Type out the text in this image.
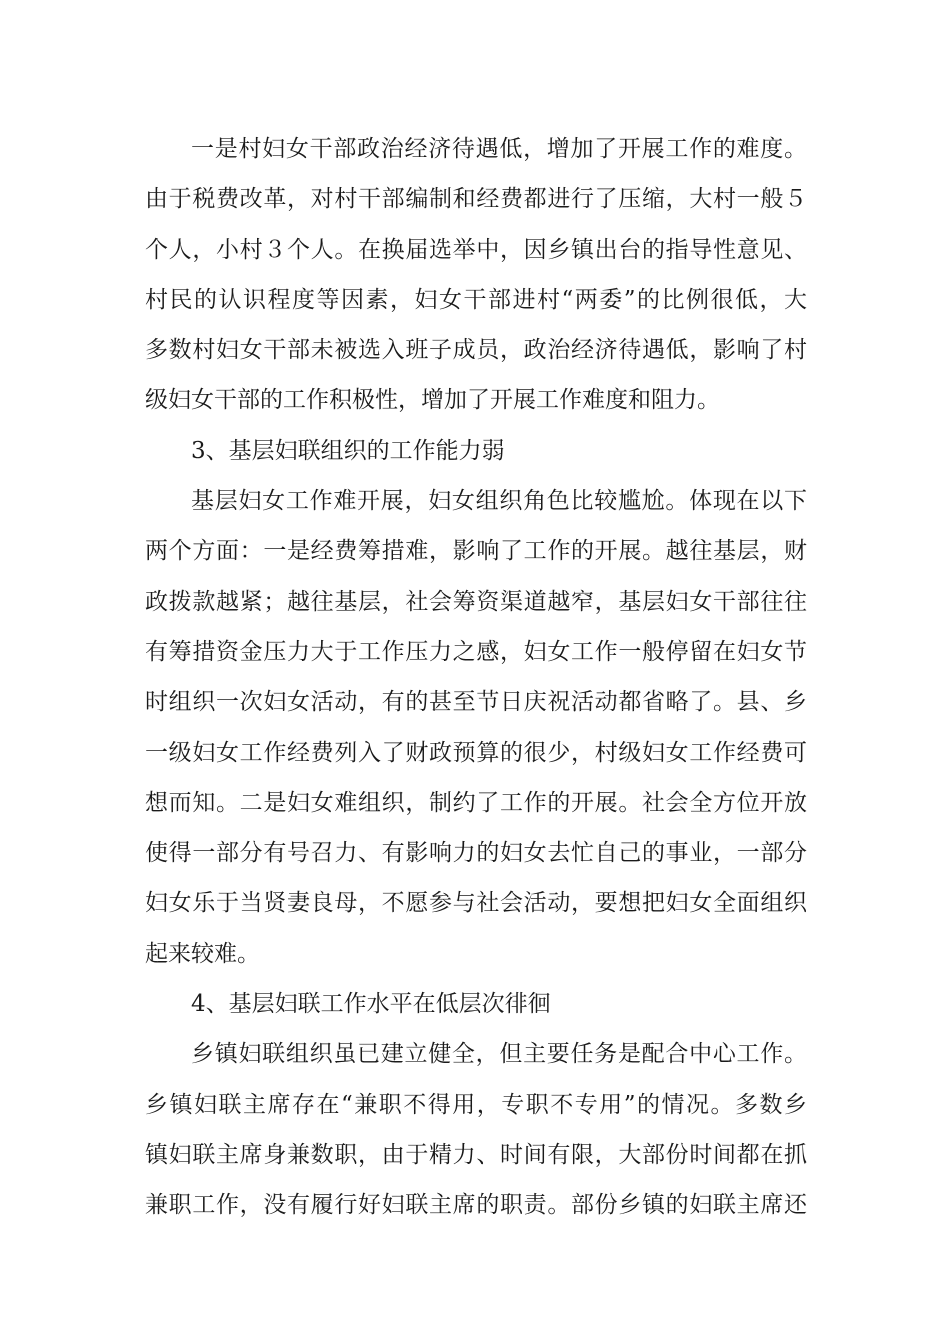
一是村妇女干部政治经济待遇低，增加了开展工作的难度。
由于税费改革，对村干部编制和经费都进行了压缩，大村一般５
个人，小村３个人。在换届选举中，因乡镇出台的指导性意见、
村民的认识程度等因素，妇女干部进村“两委”的比例很低，大
多数村妇女干部未被选入班子成员，政治经济待遇低，影响了村
级妇女干部的工作积极性，增加了开展工作难度和阻力。
3、基层妇联组织的工作能力弱
基层妇女工作难开展，妇女组织角色比较尴尬。体现在以下
两个方面：一是经费筹措难，影响了工作的开展。越往基层，财
政拨款越紧；越往基层，社会筹资渠道越窄，基层妇女干部往往
有筹措资金压力大于工作压力之感，妇女工作一般停留在妇女节
时组织一次妇女活动，有的甚至节日庆祝活动都省略了。县、乡
一级妇女工作经费列入了财政预算的很少，村级妇女工作经费可
想而知。二是妇女难组织，制约了工作的开展。社会全方位开放
使得一部分有号召力、有影响力的妇女去忙自己的事业，一部分
妇女乐于当贤妻良母，不愿参与社会活动，要想把妇女全面组织
起来较难。
4、基层妇联工作水平在低层次徘徊
乡镇妇联组织虽已建立健全，但主要任务是配合中心工作。
乡镇妇联主席存在“兼职不得用，专职不专用”的情况。多数乡
镇妇联主席身兼数职，由于精力、时间有限，大部份时间都在抓
兼职工作，没有履行好妇联主席的职责。部份乡镇的妇联主席还
